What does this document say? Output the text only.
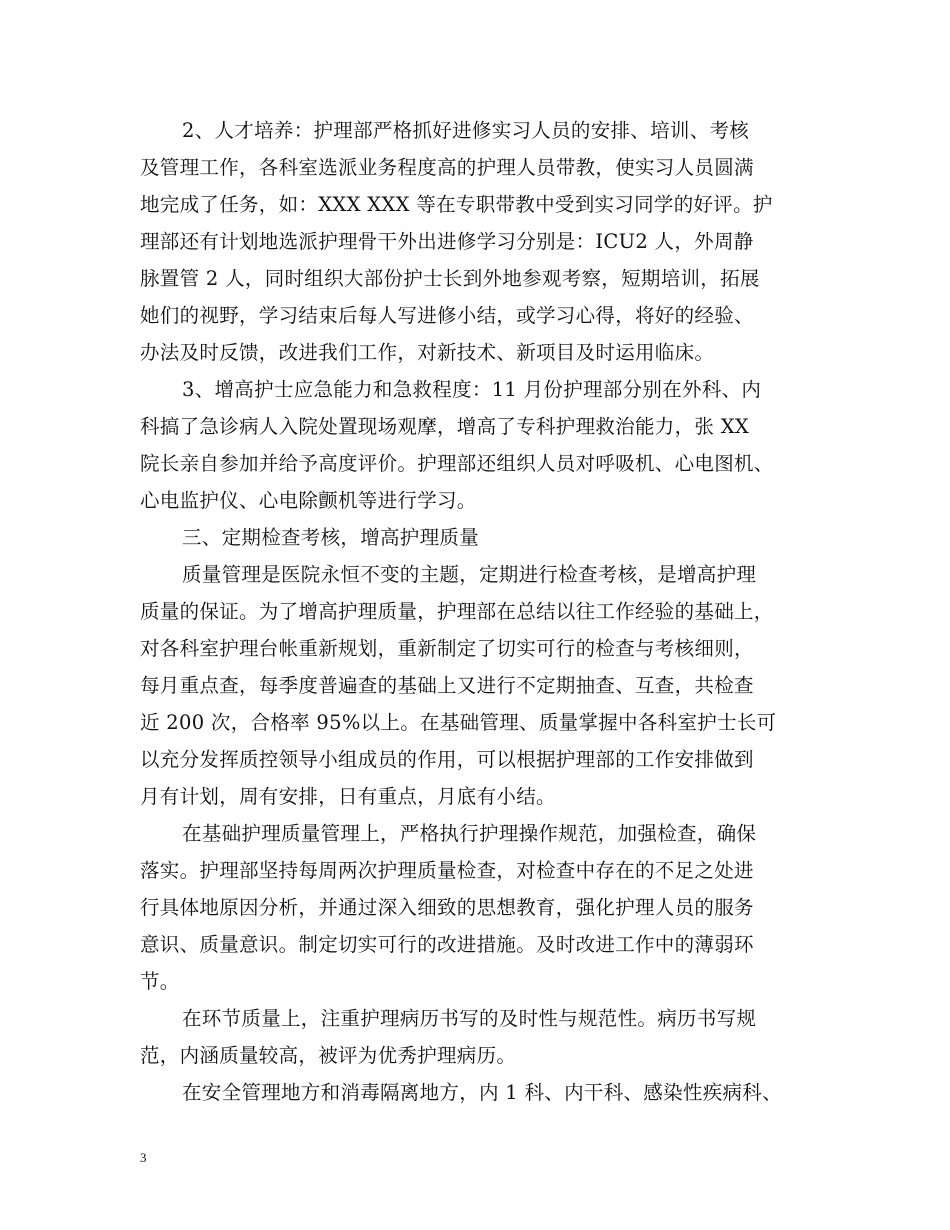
2、人才培养：护理部严格抓好进修实习人员的安排、培训、考核
及管理工作，各科室选派业务程度高的护理人员带教，使实习人员圆满
地完成了任务，如：XXX XXX 等在专职带教中受到实习同学的好评。护
理部还有计划地选派护理骨干外出进修学习分别是：ICU2 人，外周静
脉置管 2 人，同时组织大部份护士长到外地参观考察，短期培训，拓展
她们的视野，学习结束后每人写进修小结，或学习心得，将好的经验、
办法及时反馈，改进我们工作，对新技术、新项目及时运用临床。
3、增高护士应急能力和急救程度：11 月份护理部分别在外科、内
科搞了急诊病人入院处置现场观摩，增高了专科护理救治能力，张 XX
院长亲自参加并给予高度评价。护理部还组织人员对呼吸机、心电图机、
心电监护仪、心电除颤机等进行学习。
三、定期检查考核，增高护理质量
质量管理是医院永恒不变的主题，定期进行检查考核，是增高护理
质量的保证。为了增高护理质量，护理部在总结以往工作经验的基础上，
对各科室护理台帐重新规划，重新制定了切实可行的检查与考核细则，
每月重点查，每季度普遍查的基础上又进行不定期抽查、互查，共检查
近 200 次，合格率 95%以上。在基础管理、质量掌握中各科室护士长可
以充分发挥质控领导小组成员的作用，可以根据护理部的工作安排做到
月有计划，周有安排，日有重点，月底有小结。
在基础护理质量管理上，严格执行护理操作规范，加强检查，确保
落实。护理部坚持每周两次护理质量检查，对检查中存在的不足之处进
行具体地原因分析，并通过深入细致的思想教育，强化护理人员的服务
意识、质量意识。制定切实可行的改进措施。及时改进工作中的薄弱环
节。
在环节质量上，注重护理病历书写的及时性与规范性。病历书写规
范，内涵质量较高，被评为优秀护理病历。
在安全管理地方和消毒隔离地方，内 1 科、内干科、感染性疾病科、
3
